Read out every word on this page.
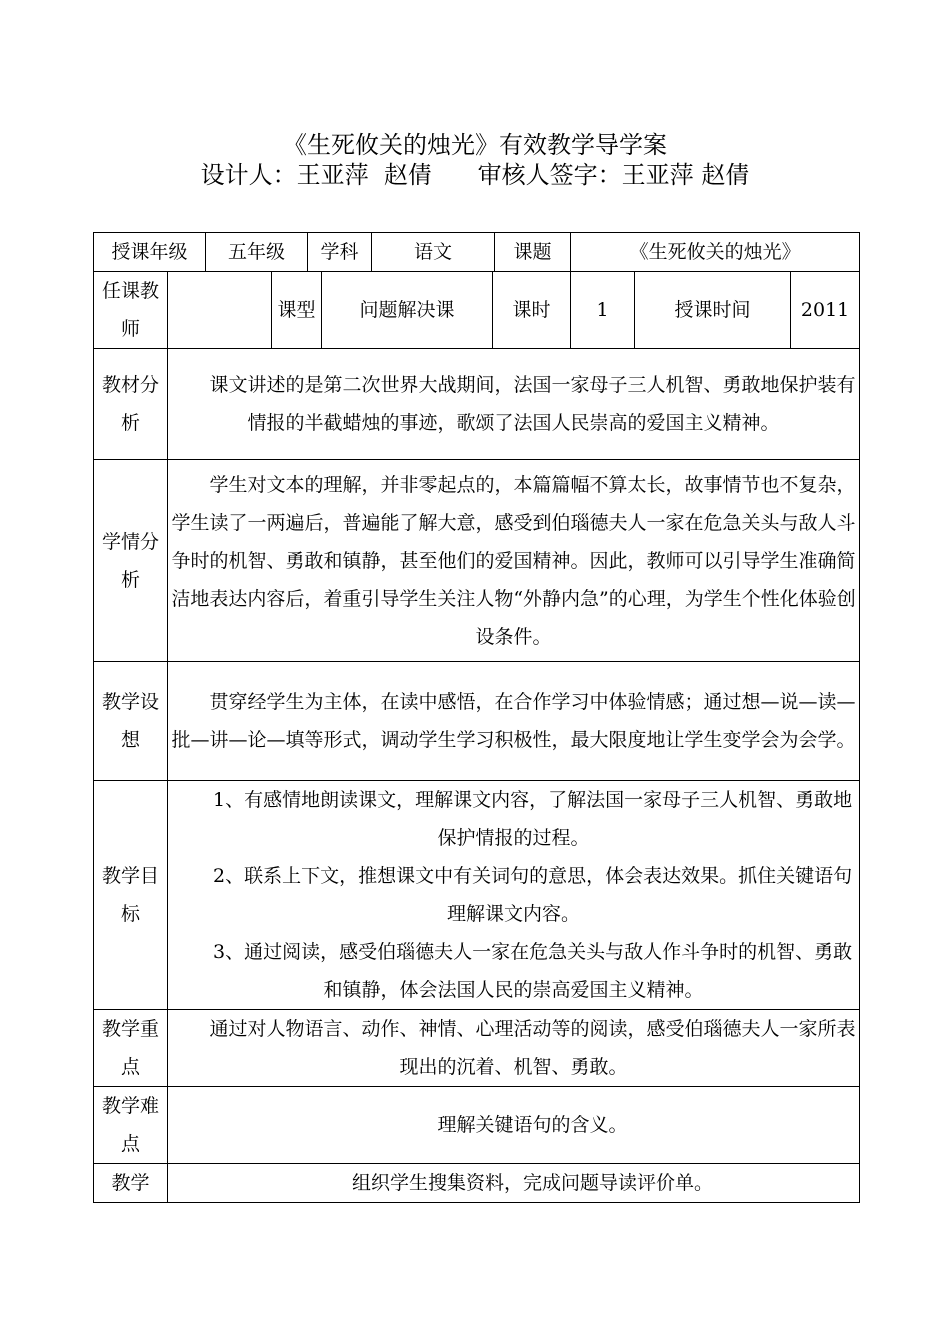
《生死攸关的烛光》有效教学导学案
设计人：王亚萍  赵倩      审核人签字：王亚萍 赵倩
授课年级		五年级		学科		语文		课题	《生死攸关的烛光》		
任课教师			课型		问题解决课		课时		1	授课时间	2011
教材分析	课文讲述的是第二次世界大战期间，法国一家母子三人机智、勇敢地保护装有情报的半截蜡烛的事迹，歌颂了法国人民崇高的爱国主义精神。										

学情分析	学生对文本的理解，并非零起点的，本篇篇幅不算太长，故事情节也不复杂，学生读了一两遍后，普遍能了解大意，感受到伯瑙德夫人一家在危急关头与敌人斗争时的机智、勇敢和镇静，甚至他们的爱国精神。因此，教师可以引导学生准确简洁地表达内容后，着重引导学生关注人物“外静内急”的心理，为学生个性化体验创设条件。										

教学设想	贯穿经学生为主体，在读中感悟，在合作学习中体验情感；通过想—说—读—批—讲—论—填等形式，调动学生学习积极性，最大限度地让学生变学会为会学。										

教学目标	1、有感情地朗读课文，理解课文内容，了解法国一家母子三人机智、勇敢地保护情报的过程。
2、联系上下文，推想课文中有关词句的意思，体会表达效果。抓住关键语句理解课文内容。
3、通过阅读，感受伯瑙德夫人一家在危急关头与敌人作斗争时的机智、勇敢和镇静，体会法国人民的崇高爱国主义精神。										

教学重点	通过对人物语言、动作、神情、心理活动等的阅读，感受伯瑙德夫人一家所表现出的沉着、机智、勇敢。										

教学难点	理解关键语句的含义。										

教学	组织学生搜集资料，完成问题导读评价单。										
